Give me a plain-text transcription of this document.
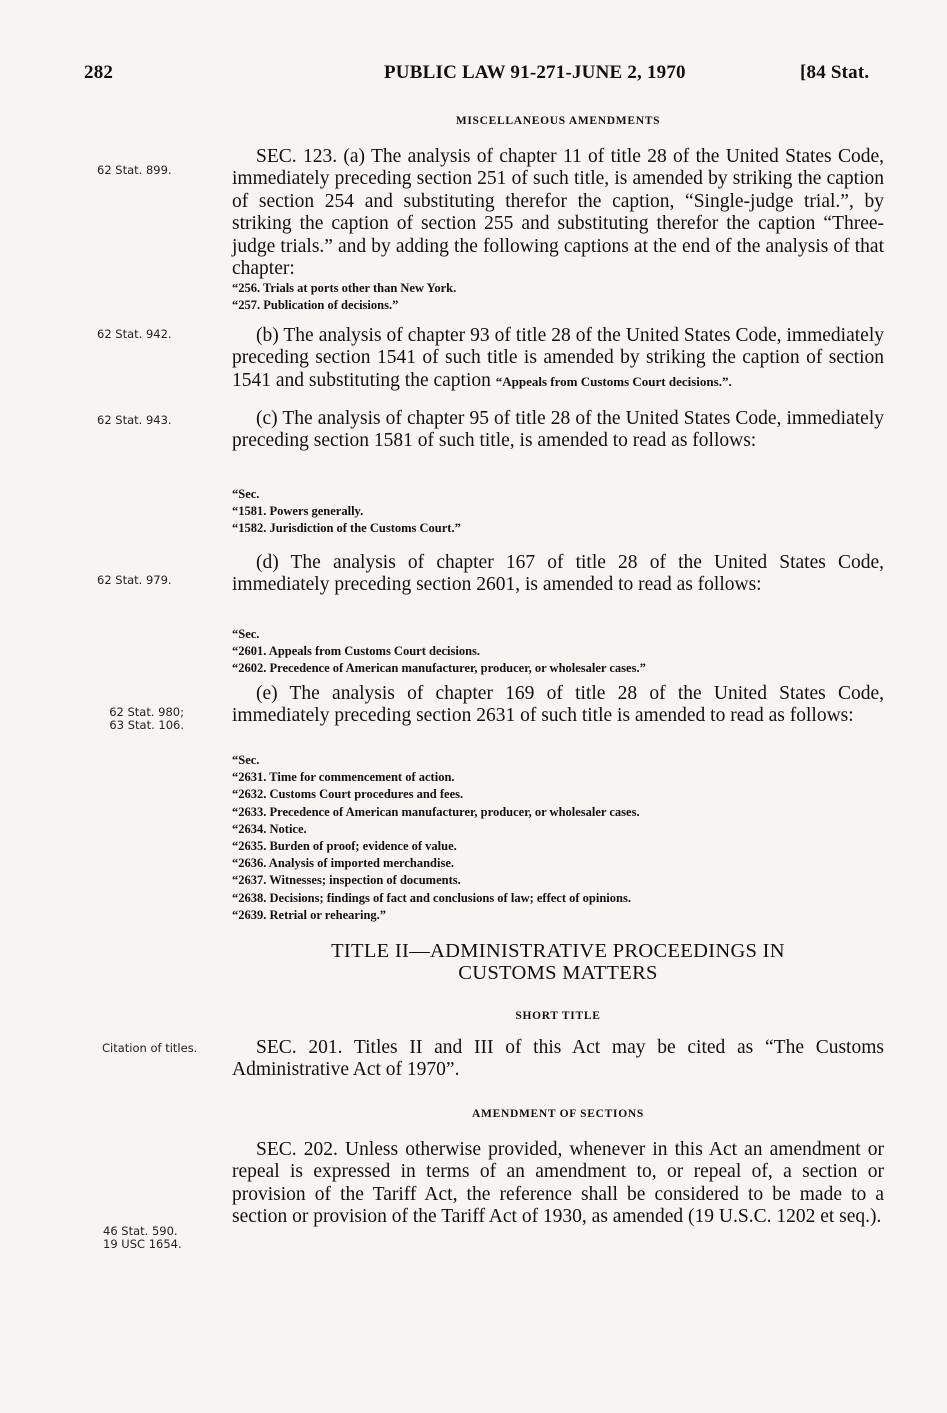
282	PUBLIC LAW 91-271-JUNE 2, 1970	[84 Stat.
MISCELLANEOUS AMENDMENTS
62 Stat. 899.
SEC. 123. (a) The analysis of chapter 11 of title 28 of the United States Code, immediately preceding section 251 of such title, is amended by striking the caption of section 254 and substituting therefor the caption, “Single-judge trial.”, by striking the caption of section 255 and substituting therefor the caption “Three-judge trials.” and by adding the following captions at the end of the analysis of that chapter:
“256. Trials at ports other than New York.
“257. Publication of decisions.”
62 Stat. 942.	(b) The analysis of chapter 93 of title 28 of the United States Code, immediately preceding section 1541 of such title is amended by striking the caption of section 1541 and substituting the caption “Appeals from Customs Court decisions.”.
62 Stat. 943.	(c) The analysis of chapter 95 of title 28 of the United States Code, immediately preceding section 1581 of such title, is amended to read as follows:
“Sec.
“1581. Powers generally.
“1582. Jurisdiction of the Customs Court.”
62 Stat. 979.
(d) The analysis of chapter 167 of title 28 of the United States Code, immediately preceding section 2601, is amended to read as follows:
“Sec.
“2601. Appeals from Customs Court decisions.
“2602. Precedence of American manufacturer, producer, or wholesaler cases.”
62 Stat. 980;
63 Stat. 106.
(e) The analysis of chapter 169 of title 28 of the United States Code, immediately preceding section 2631 of such title is amended to read as follows:
“Sec.
“2631. Time for commencement of action.
“2632. Customs Court procedures and fees.
“2633. Precedence of American manufacturer, producer, or wholesaler cases.
“2634. Notice.
“2635. Burden of proof; evidence of value.
“2636. Analysis of imported merchandise.
“2637. Witnesses; inspection of documents.
“2638. Decisions; findings of fact and conclusions of law; effect of opinions.
“2639. Retrial or rehearing.”
TITLE II—ADMINISTRATIVE PROCEEDINGS IN
CUSTOMS MATTERS
SHORT TITLE
Citation of titles.	SEC. 201. Titles II and III of this Act may be cited as “The Customs Administrative Act of 1970”.
AMENDMENT OF SECTIONS
SEC. 202. Unless otherwise provided, whenever in this Act an amendment or repeal is expressed in terms of an amendment to, or repeal of, a section or provision of the Tariff Act, the reference shall be considered to be made to a section or provision of the Tariff Act of 1930, as amended (19 U.S.C. 1202 et seq.).
46 Stat. 590.
19 USC 1654.
